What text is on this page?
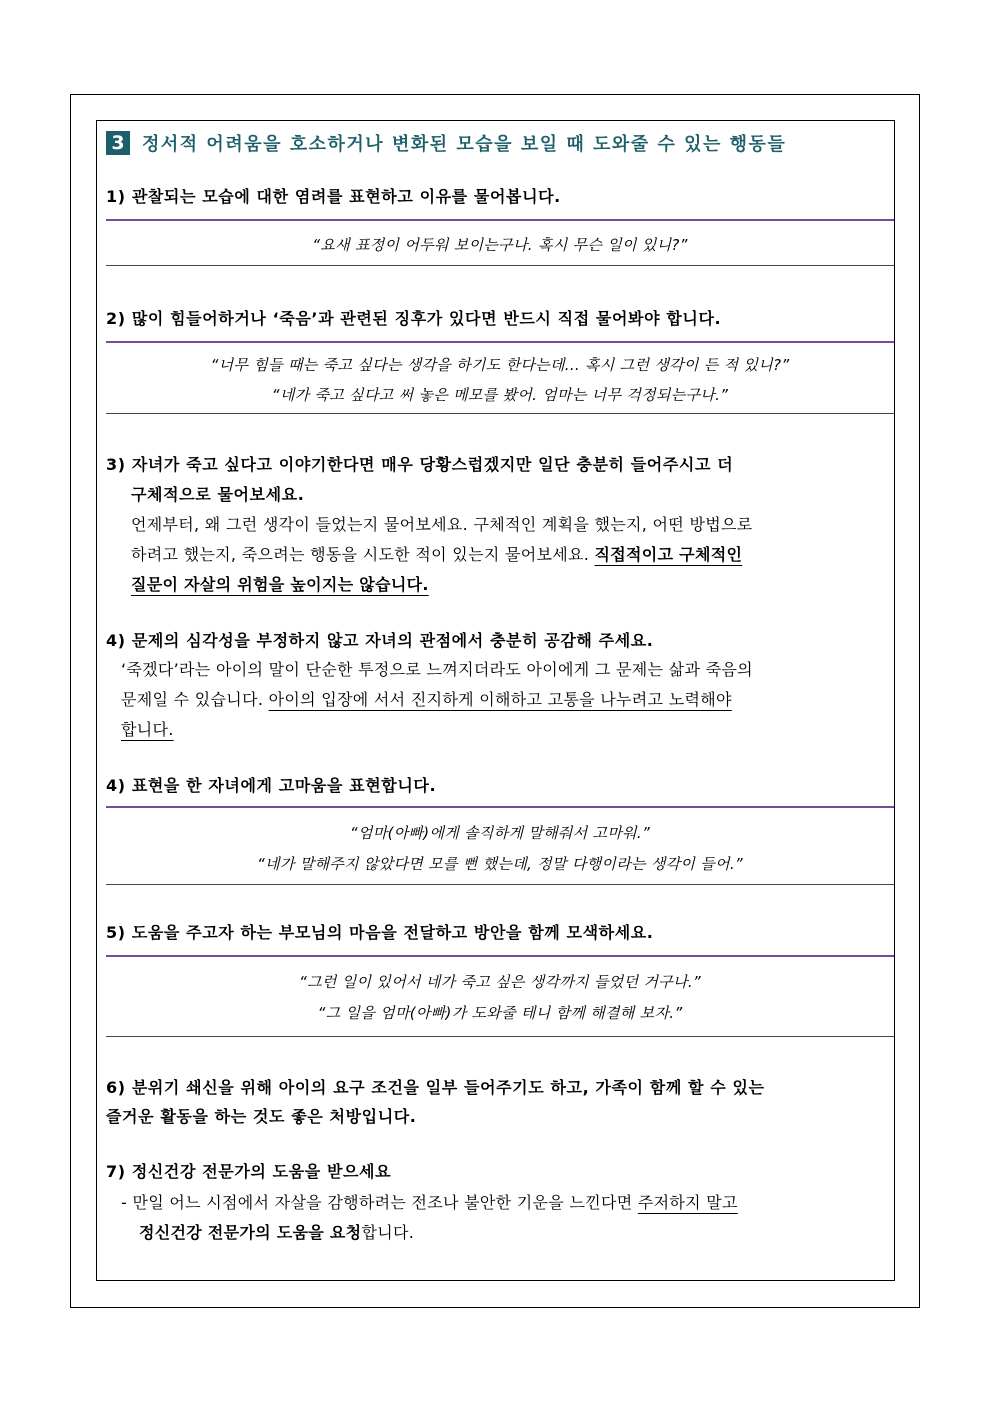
3 정서적 어려움을 호소하거나 변화된 모습을 보일 때 도와줄 수 있는 행동들
1) 관찰되는 모습에 대한 염려를 표현하고 이유를 물어봅니다.
“요새 표정이 어두워 보이는구나. 혹시 무슨 일이 있니?”
2) 많이 힘들어하거나 ‘죽음’과 관련된 징후가 있다면 반드시 직접 물어봐야 합니다.
“너무 힘들 때는 죽고 싶다는 생각을 하기도 한다는데... 혹시 그런 생각이 든 적 있니?”
“네가 죽고 싶다고 써 놓은 메모를 봤어. 엄마는 너무 걱정되는구나.”
3) 자녀가 죽고 싶다고 이야기한다면 매우 당황스럽겠지만 일단 충분히 들어주시고 더
구체적으로 물어보세요.
언제부터, 왜 그런 생각이 들었는지 물어보세요. 구체적인 계획을 했는지, 어떤 방법으로
하려고 했는지, 죽으려는 행동을 시도한 적이 있는지 물어보세요. 직접적이고 구체적인
질문이 자살의 위험을 높이지는 않습니다.
4) 문제의 심각성을 부정하지 않고 자녀의 관점에서 충분히 공감해 주세요.
‘죽겠다’라는 아이의 말이 단순한 투정으로 느껴지더라도 아이에게 그 문제는 삶과 죽음의
문제일 수 있습니다. 아이의 입장에 서서 진지하게 이해하고 고통을 나누려고 노력해야
합니다.
4) 표현을 한 자녀에게 고마움을 표현합니다.
“엄마(아빠)에게 솔직하게 말해줘서 고마워.”
“네가 말해주지 않았다면 모를 뻔 했는데, 정말 다행이라는 생각이 들어.”
5) 도움을 주고자 하는 부모님의 마음을 전달하고 방안을 함께 모색하세요.
“그런 일이 있어서 네가 죽고 싶은 생각까지 들었던 거구나.”
“그 일을 엄마(아빠)가 도와줄 테니 함께 해결해 보자.”
6) 분위기 쇄신을 위해 아이의 요구 조건을 일부 들어주기도 하고, 가족이 함께 할 수 있는
즐거운 활동을 하는 것도 좋은 처방입니다.
7) 정신건강 전문가의 도움을 받으세요
- 만일 어느 시점에서 자살을 감행하려는 전조나 불안한 기운을 느낀다면 주저하지 말고
정신건강 전문가의 도움을 요청합니다.
